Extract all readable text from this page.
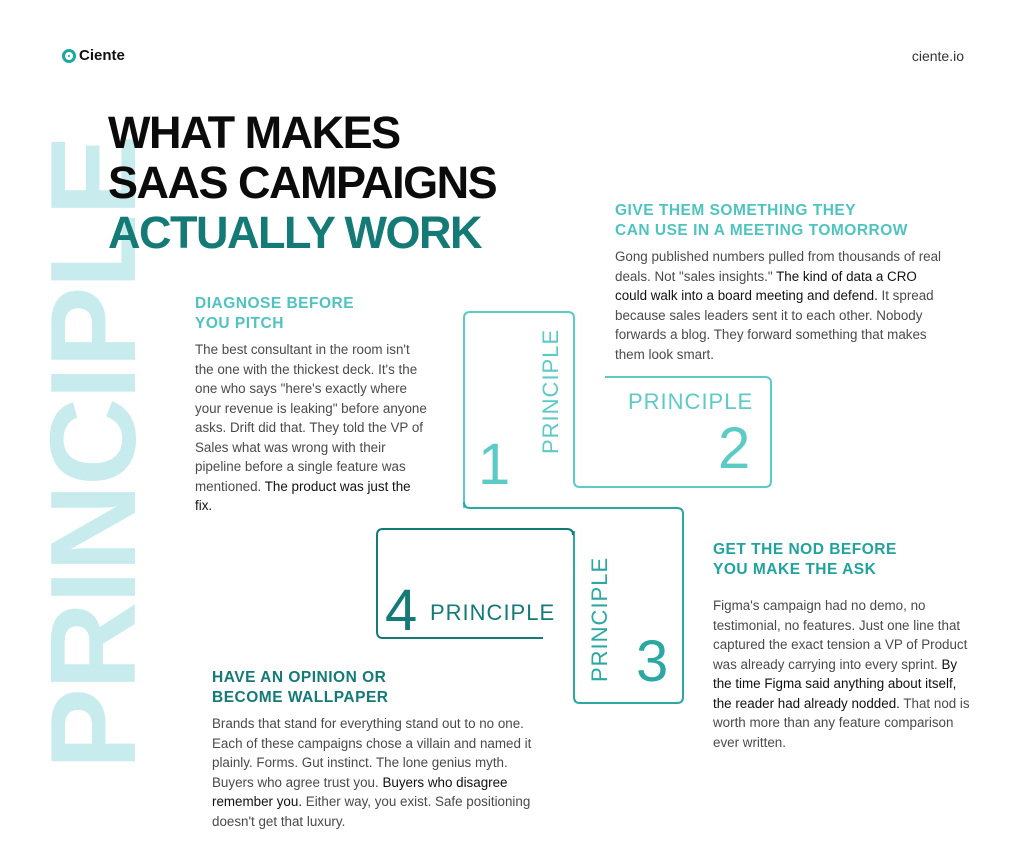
PRINCIPLE
Ciente	ciente.io
WHAT MAKES
SAAS CAMPAIGNS
ACTUALLY WORK
1
PRINCIPLE	PRINCIPLE
2
PRINCIPLE 3
4 PRINCIPLE
DIAGNOSE BEFORE
YOU PITCH
The best consultant in the room isn't the one with the thickest deck. It's the one who says "here's exactly where your revenue is leaking" before anyone asks. Drift did that. They told the VP of Sales what was wrong with their pipeline before a single feature was mentioned. The product was just the fix.
GIVE THEM SOMETHING THEY
CAN USE IN A MEETING TOMORROW
Gong published numbers pulled from thousands of real deals. Not "sales insights." The kind of data a CRO could walk into a board meeting and defend. It spread because sales leaders sent it to each other. Nobody forwards a blog. They forward something that makes them look smart.
GET THE NOD BEFORE
YOU MAKE THE ASK
Figma's campaign had no demo, no testimonial, no features. Just one line that captured the exact tension a VP of Product was already carrying into every sprint. By the time Figma said anything about itself, the reader had already nodded. That nod is worth more than any feature comparison ever written.
HAVE AN OPINION OR
BECOME WALLPAPER
Brands that stand for everything stand out to no one. Each of these campaigns chose a villain and named it plainly. Forms. Gut instinct. The lone genius myth. Buyers who agree trust you. Buyers who disagree remember you. Either way, you exist. Safe positioning doesn't get that luxury.
